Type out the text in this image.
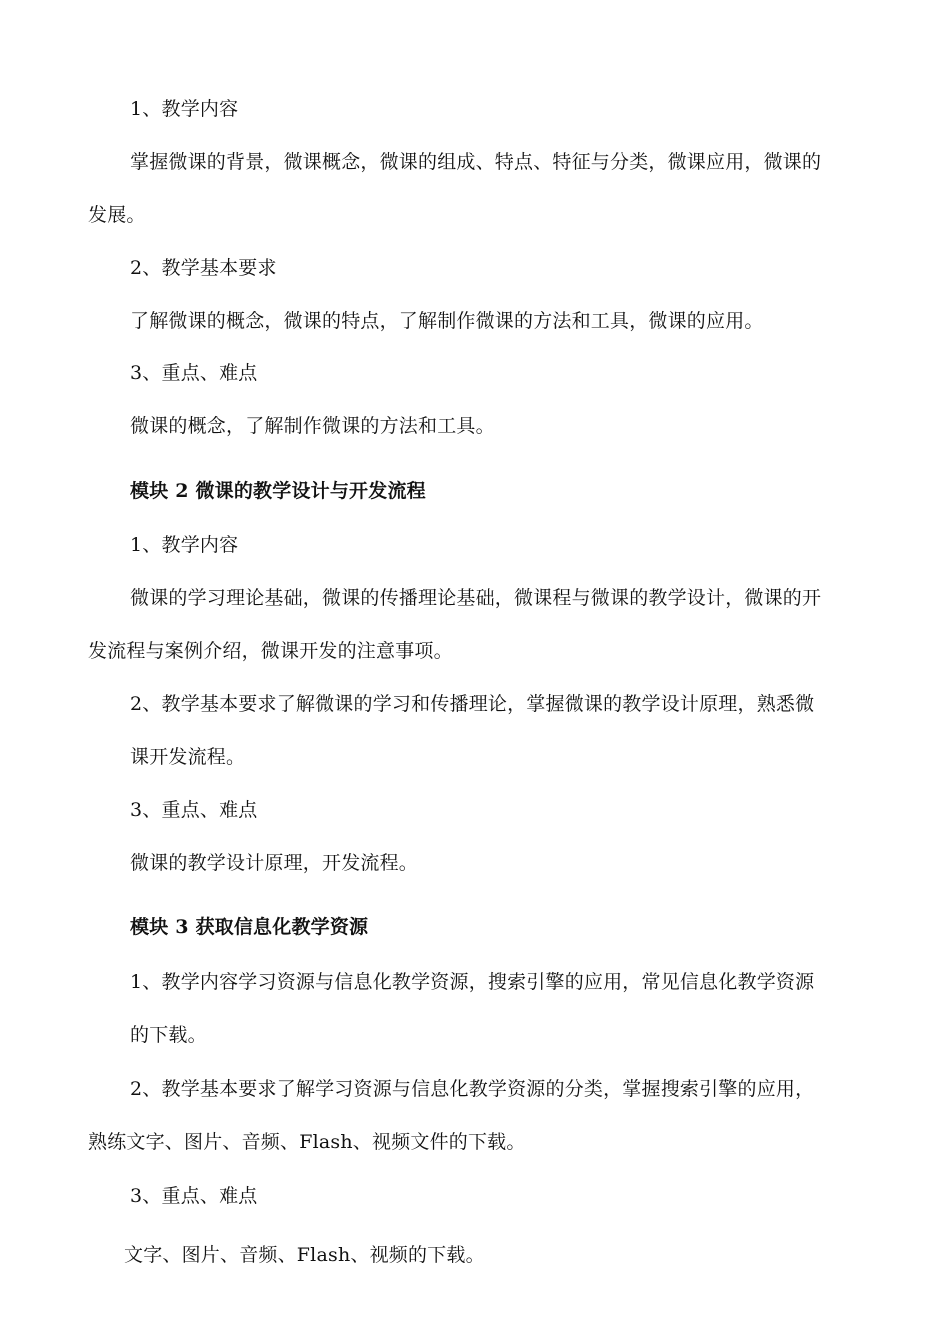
1、教学内容
掌握微课的背景，微课概念，微课的组成、特点、特征与分类，微课应用，微课的
发展。
2、教学基本要求
了解微课的概念，微课的特点，了解制作微课的方法和工具，微课的应用。
3、重点、难点
微课的概念，了解制作微课的方法和工具。
模块 2 微课的教学设计与开发流程
1、教学内容
微课的学习理论基础，微课的传播理论基础，微课程与微课的教学设计，微课的开
发流程与案例介绍，微课开发的注意事项。
2、教学基本要求了解微课的学习和传播理论，掌握微课的教学设计原理，熟悉微
课开发流程。
3、重点、难点
微课的教学设计原理，开发流程。
模块 3 获取信息化教学资源
1、教学内容学习资源与信息化教学资源，搜索引擎的应用，常见信息化教学资源
的下载。
2、教学基本要求了解学习资源与信息化教学资源的分类，掌握搜索引擎的应用，
熟练文字、图片、音频、Flash、视频文件的下载。
3、重点、难点
文字、图片、音频、Flash、视频的下载。
